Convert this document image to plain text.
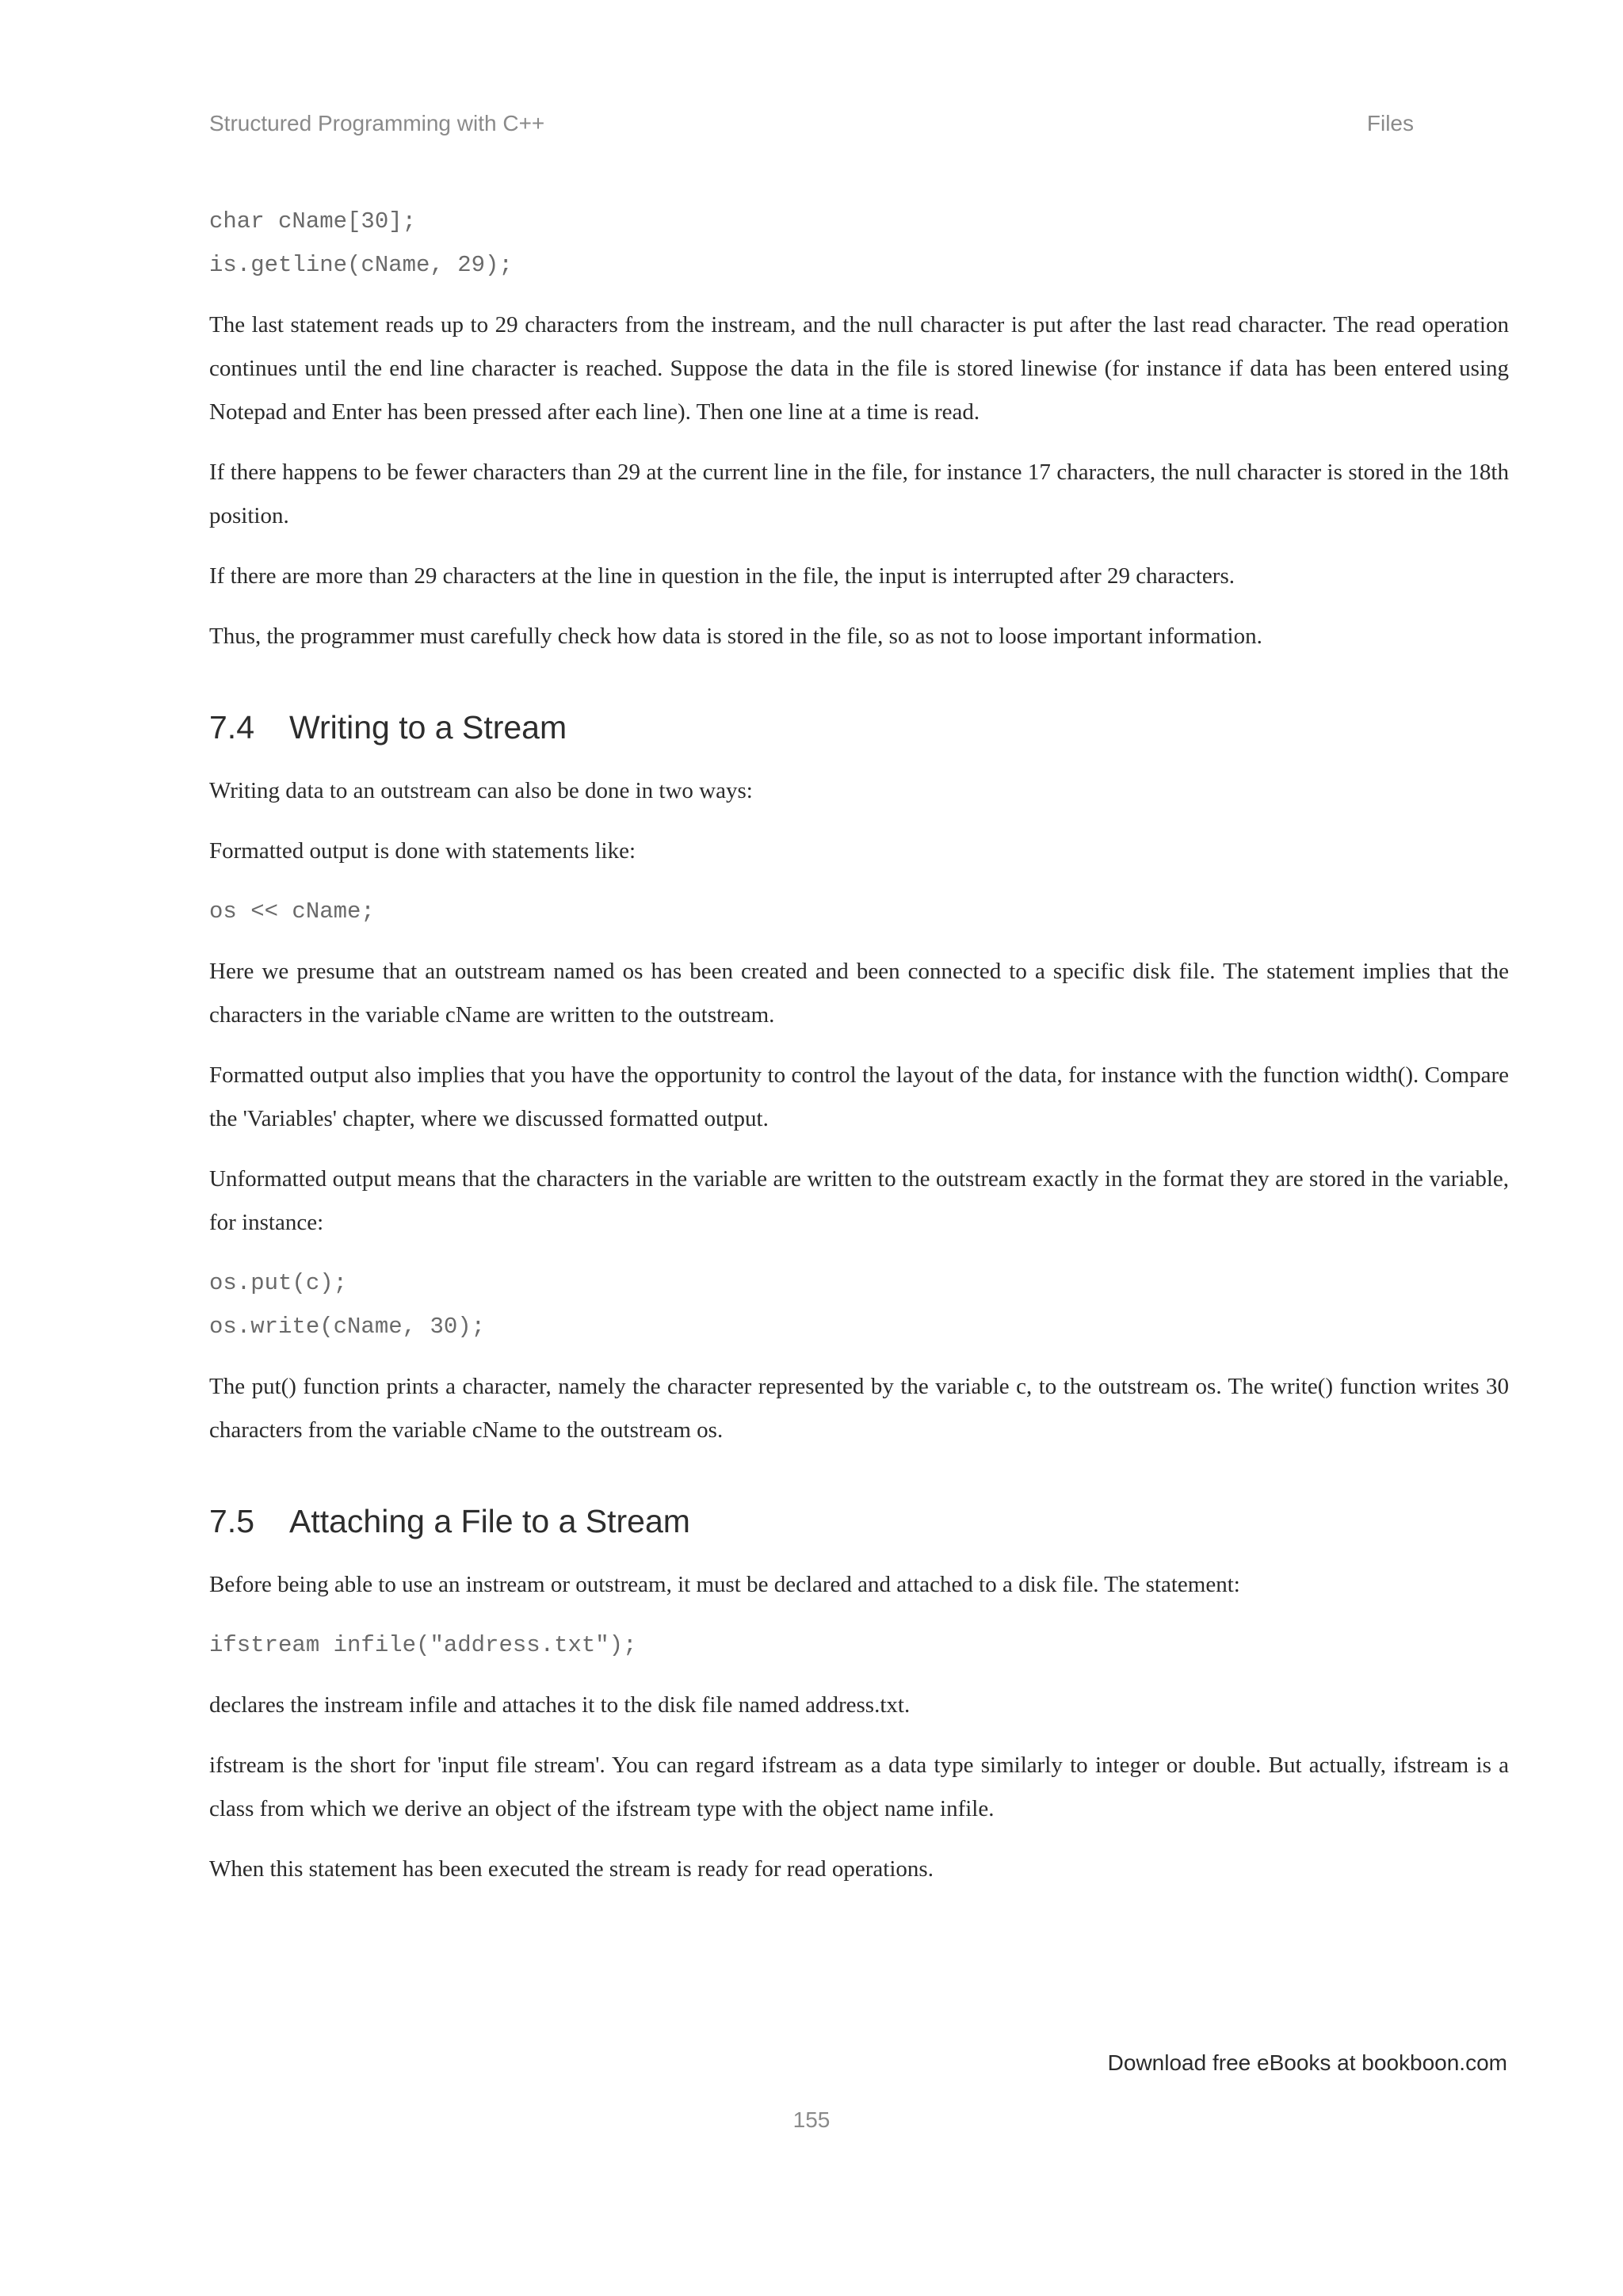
Structured Programming with C++	Files
char cName[30];
is.getline(cName, 29);

The last statement reads up to 29 characters from the instream, and the null character is put after the last read character. The read operation continues until the end line character is reached. Suppose the data in the file is stored linewise (for instance if data has been entered using Notepad and Enter has been pressed after each line). Then one line at a time is read.

If there happens to be fewer characters than 29 at the current line in the file, for instance 17 characters, the null character is stored in the 18th position.

If there are more than 29 characters at the line in question in the file, the input is interrupted after 29 characters.

Thus, the programmer must carefully check how data is stored in the file, so as not to loose important information.

7.4 Writing to a Stream

Writing data to an outstream can also be done in two ways:

Formatted output is done with statements like:

os << cName;

Here we presume that an outstream named os has been created and been connected to a specific disk file. The statement implies that the characters in the variable cName are written to the outstream.

Formatted output also implies that you have the opportunity to control the layout of the data, for instance with the function width(). Compare the 'Variables' chapter, where we discussed formatted output.

Unformatted output means that the characters in the variable are written to the outstream exactly in the format they are stored in the variable, for instance:

os.put(c);
os.write(cName, 30);

The put() function prints a character, namely the character represented by the variable c, to the outstream os. The write() function writes 30 characters from the variable cName to the outstream os.

7.5 Attaching a File to a Stream

Before being able to use an instream or outstream, it must be declared and attached to a disk file. The statement:

ifstream infile("address.txt");

declares the instream infile and attaches it to the disk file named address.txt.

ifstream is the short for 'input file stream'. You can regard ifstream as a data type similarly to integer or double. But actually, ifstream is a class from which we derive an object of the ifstream type with the object name infile.

When this statement has been executed the stream is ready for read operations.

Download free eBooks at bookboon.com
155
